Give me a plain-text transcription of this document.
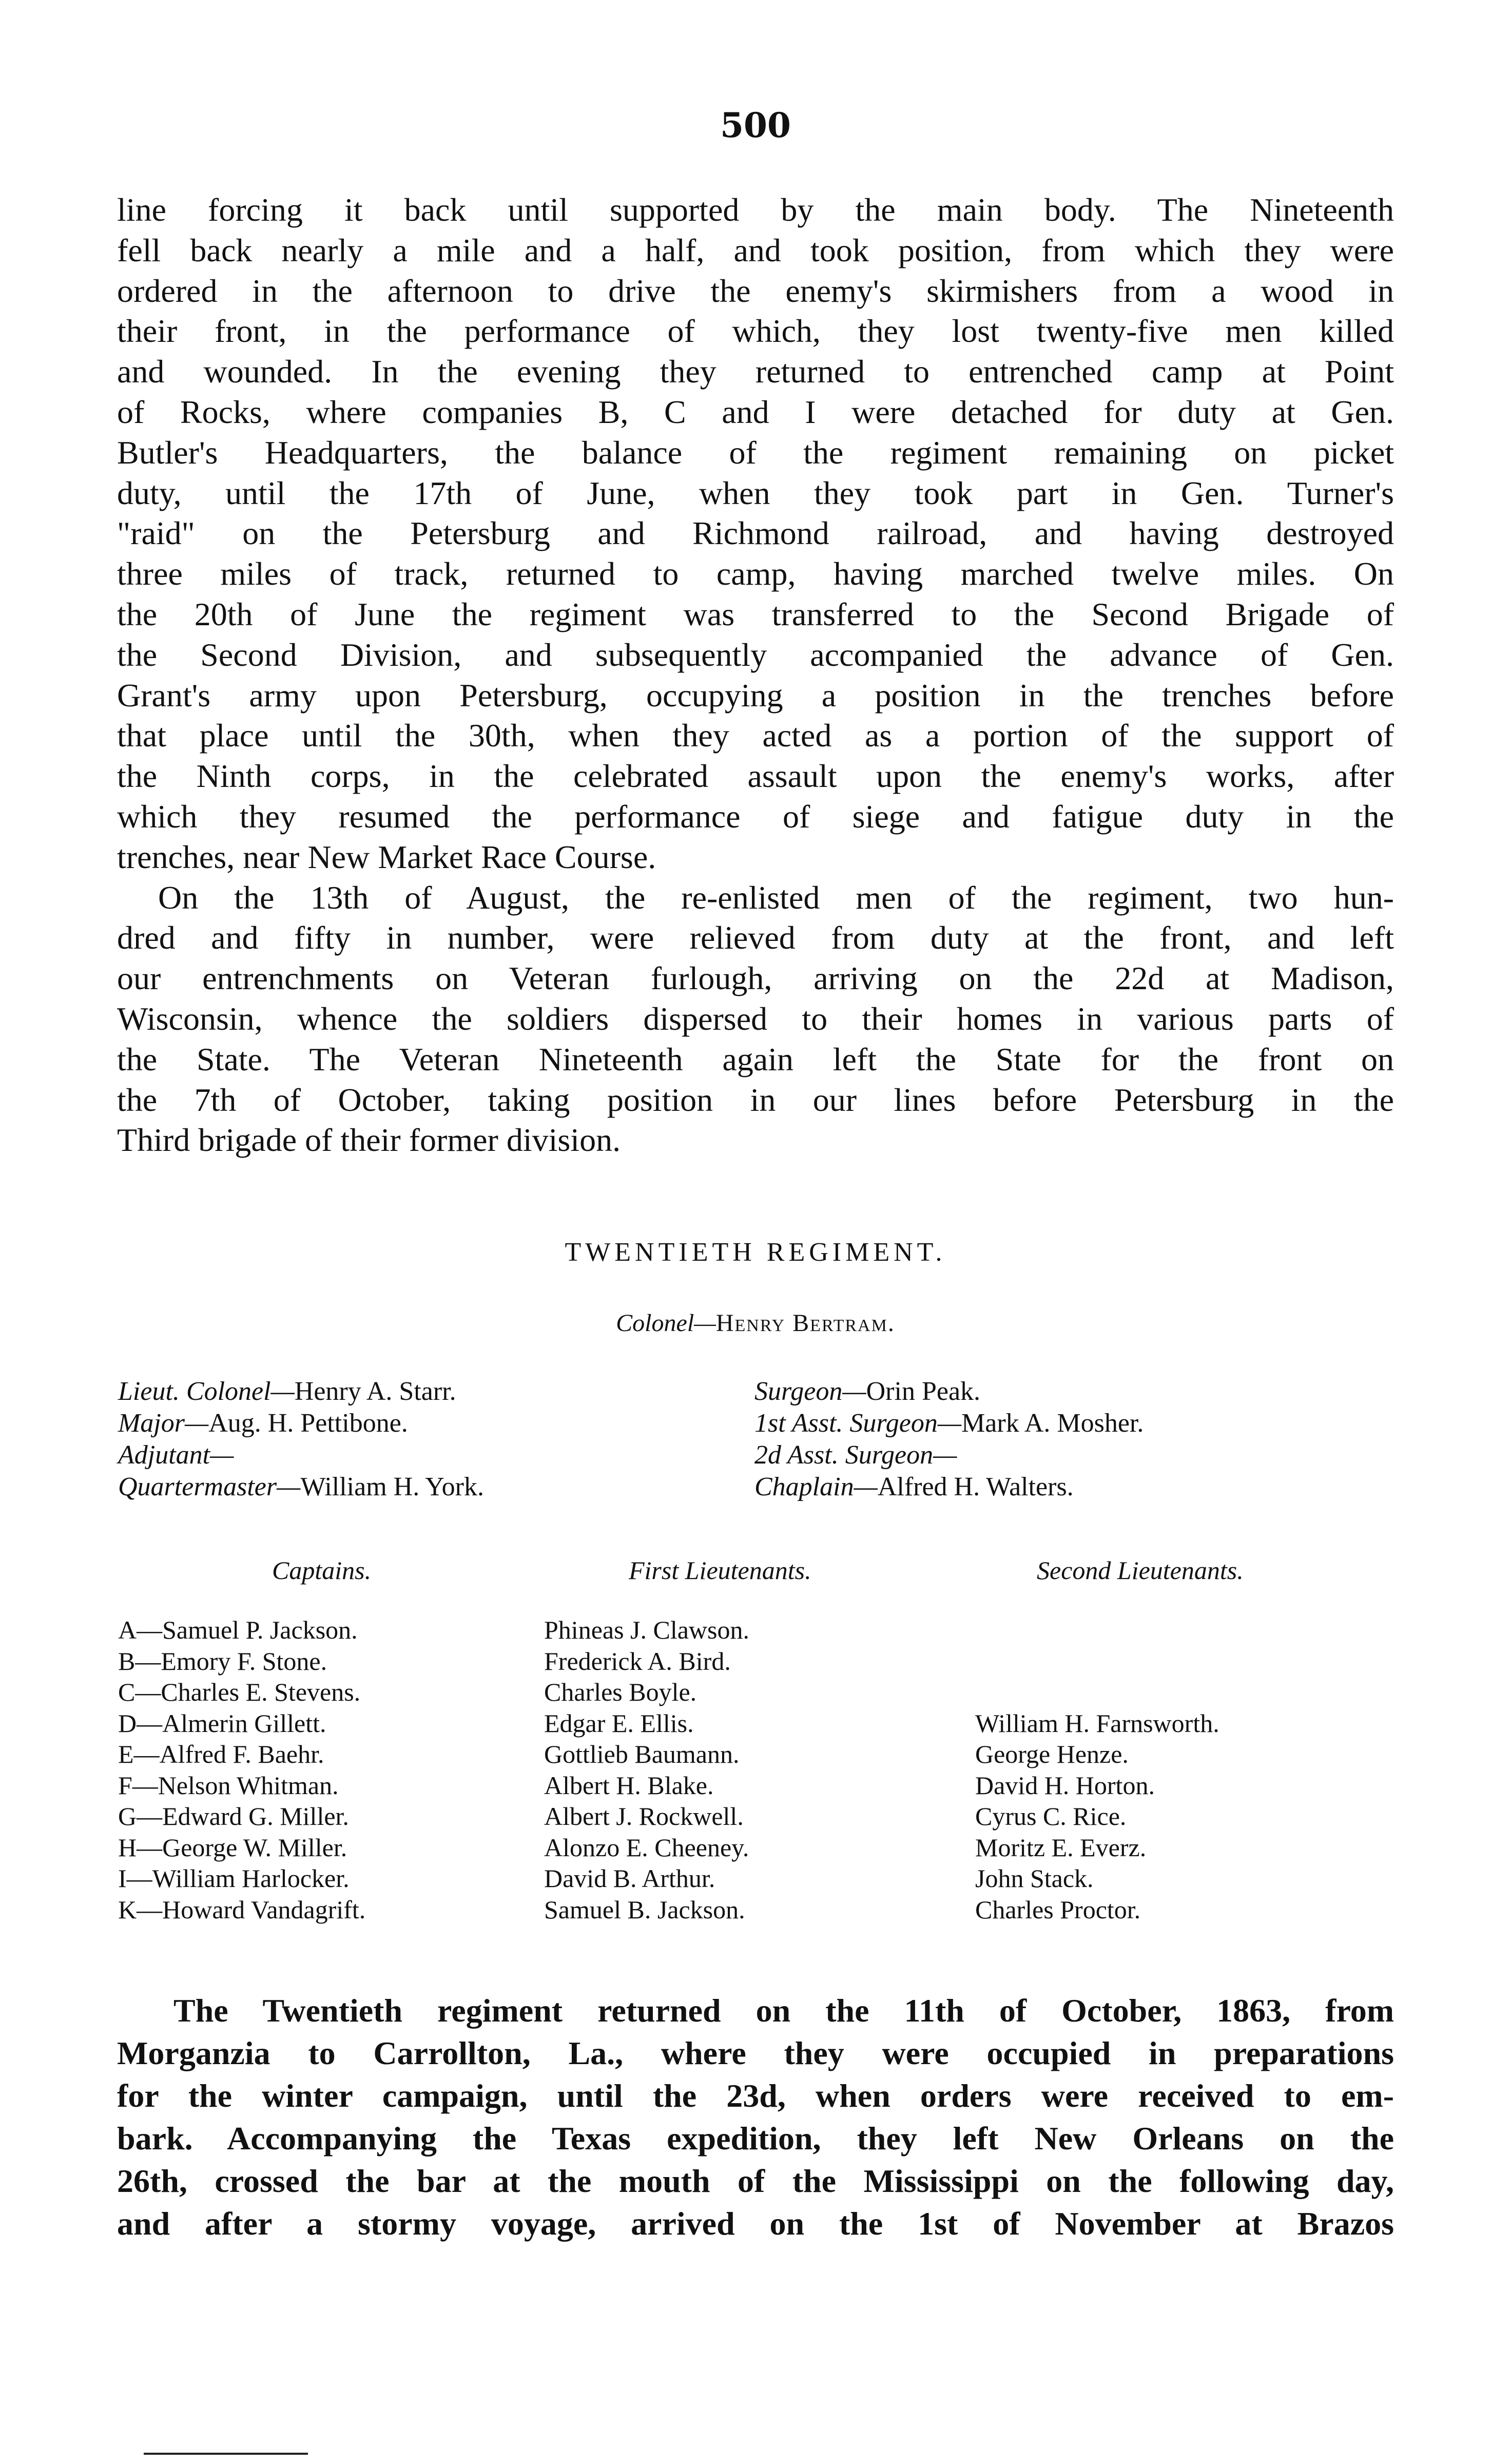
500
line forcing it back until supported by the main body. The Nineteenth
fell back nearly a mile and a half, and took position, from which they were
ordered in the afternoon to drive the enemy's skirmishers from a wood in
their front, in the performance of which, they lost twenty-five men killed
and wounded. In the evening they returned to entrenched camp at Point
of Rocks, where companies B, C and I were detached for duty at Gen.
Butler's Headquarters, the balance of the regiment remaining on picket
duty, until the 17th of June, when they took part in Gen. Turner's
"raid" on the Petersburg and Richmond railroad, and having destroyed
three miles of track, returned to camp, having marched twelve miles. On
the 20th of June the regiment was transferred to the Second Brigade of
the Second Division, and subsequently accompanied the advance of Gen.
Grant's army upon Petersburg, occupying a position in the trenches before
that place until the 30th, when they acted as a portion of the support of
the Ninth corps, in the celebrated assault upon the enemy's works, after
which they resumed the performance of siege and fatigue duty in the
trenches, near New Market Race Course.
On the 13th of August, the re-enlisted men of the regiment, two hun-
dred and fifty in number, were relieved from duty at the front, and left
our entrenchments on Veteran furlough, arriving on the 22d at Madison,
Wisconsin, whence the soldiers dispersed to their homes in various parts of
the State. The Veteran Nineteenth again left the State for the front on
the 7th of October, taking position in our lines before Petersburg in the
Third brigade of their former division.
TWENTIETH REGIMENT.
Colonel—Henry Bertram.
Lieut. Colonel—Henry A. Starr.
Major—Aug. H. Pettibone.
Adjutant—
Quartermaster—William H. York.
Surgeon—Orin Peak.
1st Asst. Surgeon—Mark A. Mosher.
2d Asst. Surgeon—
Chaplain—Alfred H. Walters.
Captains.	First Lieutenants.	Second Lieutenants.
A—Samuel P. Jackson.
B—Emory F. Stone.
C—Charles E. Stevens.
D—Almerin Gillett.
E—Alfred F. Baehr.
F—Nelson Whitman.
G—Edward G. Miller.
H—George W. Miller.
I—William Harlocker.
K—Howard Vandagrift.
Phineas J. Clawson.
Frederick A. Bird.
Charles Boyle.
Edgar E. Ellis.
Gottlieb Baumann.
Albert H. Blake.
Albert J. Rockwell.
Alonzo E. Cheeney.
David B. Arthur.
Samuel B. Jackson.
William H. Farnsworth.
George Henze.
David H. Horton.
Cyrus C. Rice.
Moritz E. Everz.
John Stack.
Charles Proctor.
The Twentieth regiment returned on the 11th of October, 1863, from
Morganzia to Carrollton, La., where they were occupied in preparations
for the winter campaign, until the 23d, when orders were received to em-
bark. Accompanying the Texas expedition, they left New Orleans on the
26th, crossed the bar at the mouth of the Mississippi on the following day,
and after a stormy voyage, arrived on the 1st of November at Brazos
